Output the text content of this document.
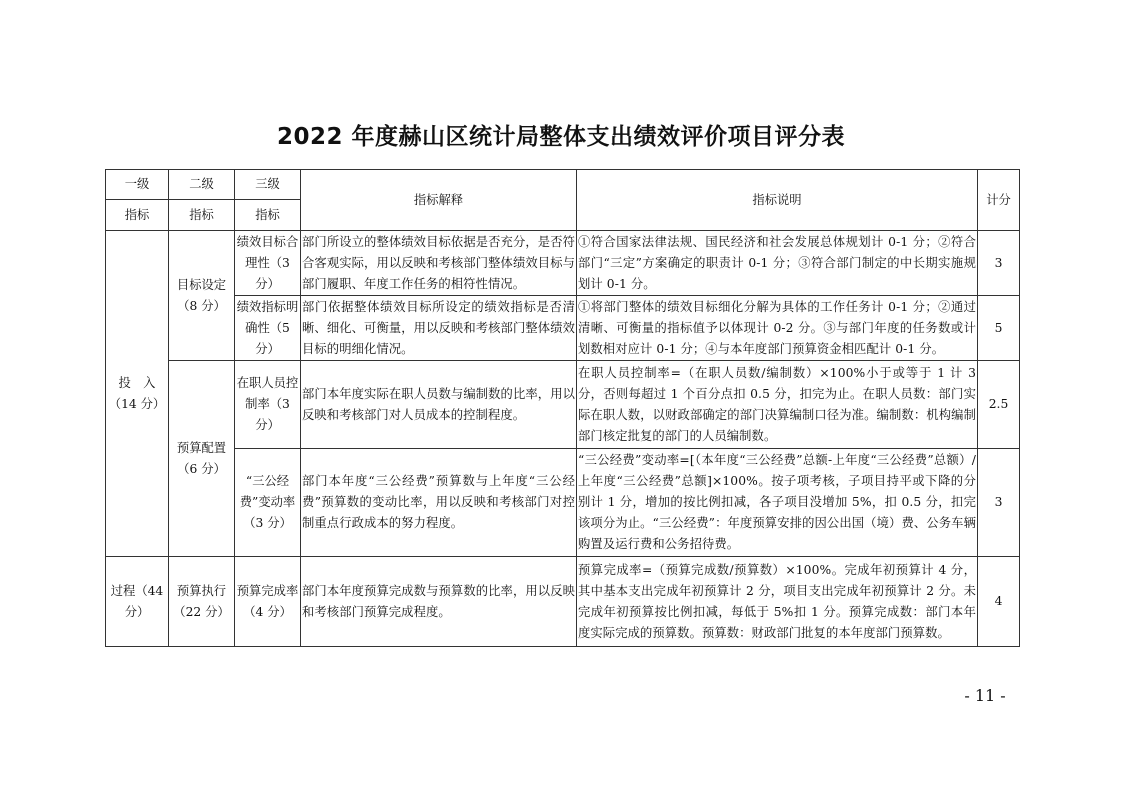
2022 年度赫山区统计局整体支出绩效评价项目评分表
一级	二级	三级	指标解释	指标说明	计分
指标	指标	指标			
投　入（14 分）	目标设定（8 分）	绩效目标合理性（3 分）	部门所设立的整体绩效目标依据是否充分，是否符合客观实际，用以反映和考核部门整体绩效目标与部门履职、年度工作任务的相符性情况。	①符合国家法律法规、国民经济和社会发展总体规划计 0-1 分；②符合部门“三定”方案确定的职责计 0-1 分；③符合部门制定的中长期实施规划计 0-1 分。	3
		绩效指标明确性（5 分）	部门依据整体绩效目标所设定的绩效指标是否清晰、细化、可衡量，用以反映和考核部门整体绩效目标的明细化情况。	①将部门整体的绩效目标细化分解为具体的工作任务计 0-1 分；②通过清晰、可衡量的指标值予以体现计 0-2 分。③与部门年度的任务数或计划数相对应计 0-1 分；④与本年度部门预算资金相匹配计 0-1 分。	5
	预算配置（6 分）	在职人员控制率（3 分）	部门本年度实际在职人员数与编制数的比率，用以反映和考核部门对人员成本的控制程度。	在职人员控制率=（在职人员数/编制数）×100%小于或等于 1 计 3 分，否则每超过 1 个百分点扣 0.5 分，扣完为止。在职人员数：部门实际在职人数，以财政部确定的部门决算编制口径为准。编制数：机构编制部门核定批复的部门的人员编制数。	2.5
		“三公经费”变动率（3 分）	部门本年度“三公经费”预算数与上年度“三公经费”预算数的变动比率，用以反映和考核部门对控制重点行政成本的努力程度。	“三公经费”变动率=[（本年度“三公经费”总额-上年度“三公经费”总额）/上年度“三公经费”总额]×100%。按子项考核，子项目持平或下降的分别计 1 分，增加的按比例扣减，各子项目没增加 5%，扣 0.5 分，扣完该项分为止。“三公经费”：年度预算安排的因公出国（境）费、公务车辆购置及运行费和公务招待费。	3
过程（44 分）	预算执行（22 分）	预算完成率（4 分）	部门本年度预算完成数与预算数的比率，用以反映和考核部门预算完成程度。	预算完成率=（预算完成数/预算数）×100%。完成年初预算计 4 分，其中基本支出完成年初预算计 2 分，项目支出完成年初预算计 2 分。未完成年初预算按比例扣减，每低于 5%扣 1 分。预算完成数：部门本年度实际完成的预算数。预算数：财政部门批复的本年度部门预算数。	4
- 11 -
